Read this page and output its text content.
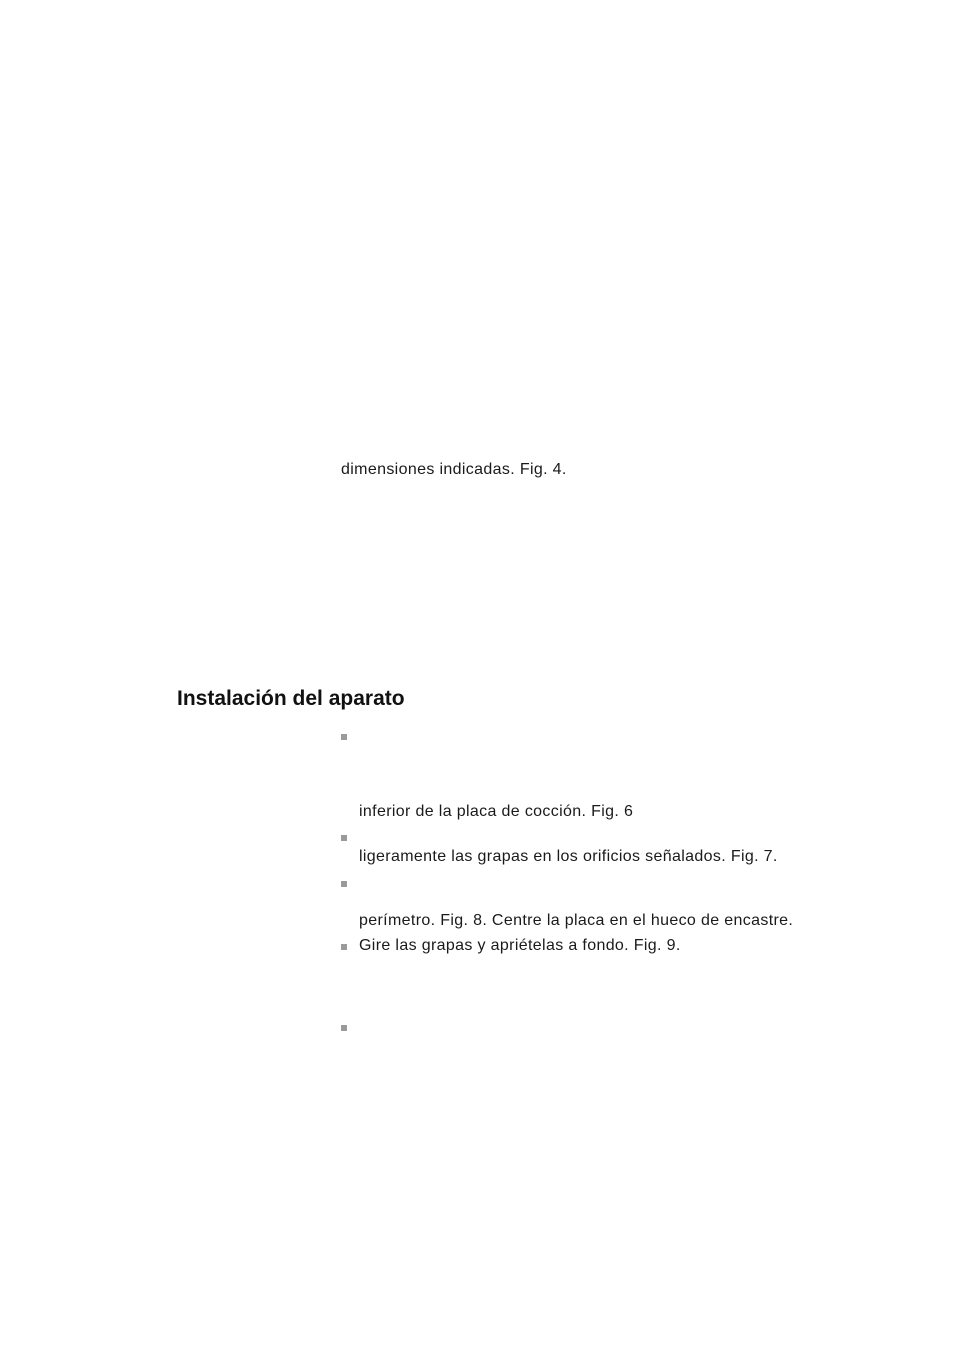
dimensiones indicadas. Fig. 4.
Instalación del aparato
inferior de la placa de cocción. Fig. 6
ligeramente las grapas en los orificios señalados. Fig. 7.
perímetro. Fig. 8. Centre la placa en el hueco de encastre.
Gire las grapas y apriételas a fondo. Fig. 9.
